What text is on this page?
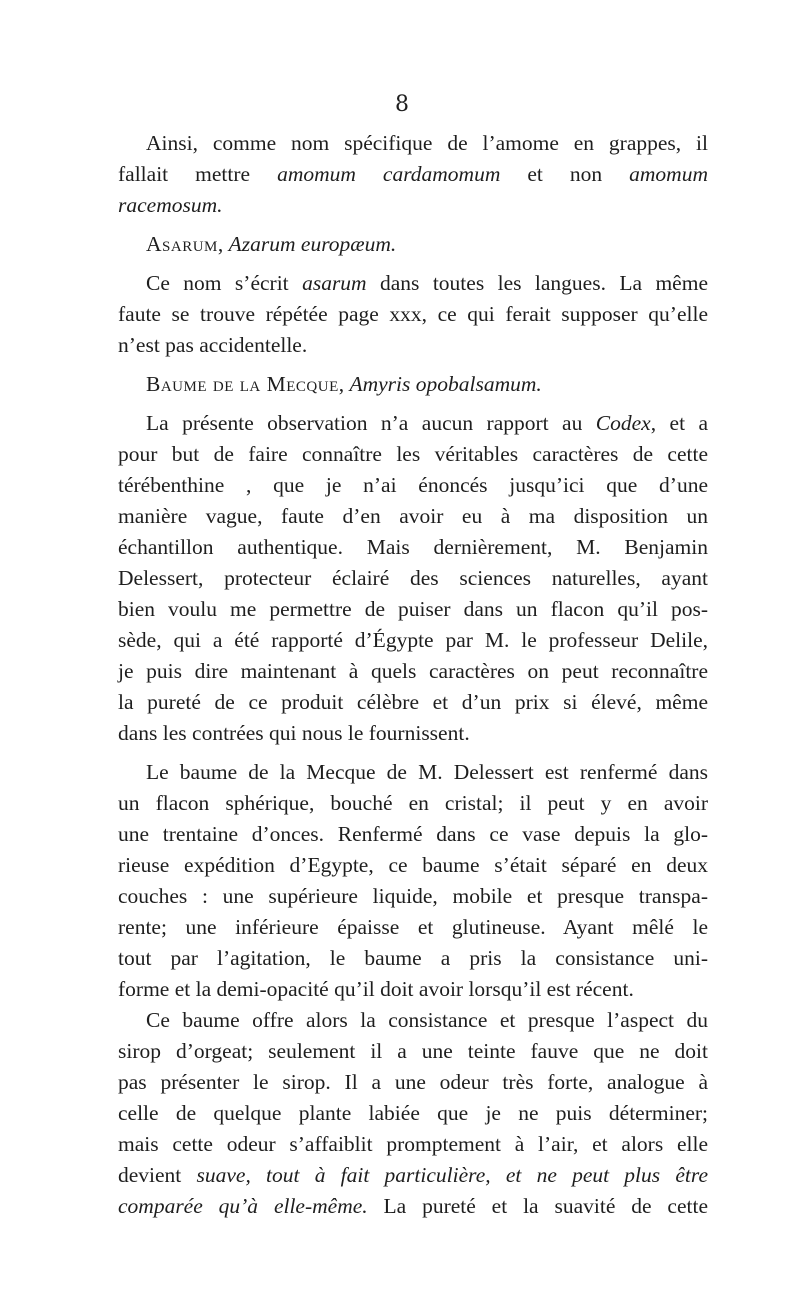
8
Ainsi, comme nom spécifique de l’amome en grappes, il
fallait mettre amomum cardamomum et non amomum
racemosum.
Asarum, Azarum europæum.
Ce nom s’écrit asarum dans toutes les langues. La même
faute se trouve répétée page xxx, ce qui ferait supposer qu’elle
n’est pas accidentelle.
Baume de la Mecque, Amyris opobalsamum.
La présente observation n’a aucun rapport au Codex, et a
pour but de faire connaître les véritables caractères de cette
térébenthine , que je n’ai énoncés jusqu’ici que d’une
manière vague, faute d’en avoir eu à ma disposition un
échantillon authentique. Mais dernièrement, M. Benjamin
Delessert, protecteur éclairé des sciences naturelles, ayant
bien voulu me permettre de puiser dans un flacon qu’il pos-
sède, qui a été rapporté d’Égypte par M. le professeur Delile,
je puis dire maintenant à quels caractères on peut reconnaître
la pureté de ce produit célèbre et d’un prix si élevé, même
dans les contrées qui nous le fournissent.
Le baume de la Mecque de M. Delessert est renfermé dans
un flacon sphérique, bouché en cristal; il peut y en avoir
une trentaine d’onces. Renfermé dans ce vase depuis la glo-
rieuse expédition d’Egypte, ce baume s’était séparé en deux
couches : une supérieure liquide, mobile et presque transpa-
rente; une inférieure épaisse et glutineuse. Ayant mêlé le
tout par l’agitation, le baume a pris la consistance uni-
forme et la demi-opacité qu’il doit avoir lorsqu’il est récent.
Ce baume offre alors la consistance et presque l’aspect du
sirop d’orgeat; seulement il a une teinte fauve que ne doit
pas présenter le sirop. Il a une odeur très forte, analogue à
celle de quelque plante labiée que je ne puis déterminer;
mais cette odeur s’affaiblit promptement à l’air, et alors elle
devient suave, tout à fait particulière, et ne peut plus être
comparée qu’à elle-même. La pureté et la suavité de cette
